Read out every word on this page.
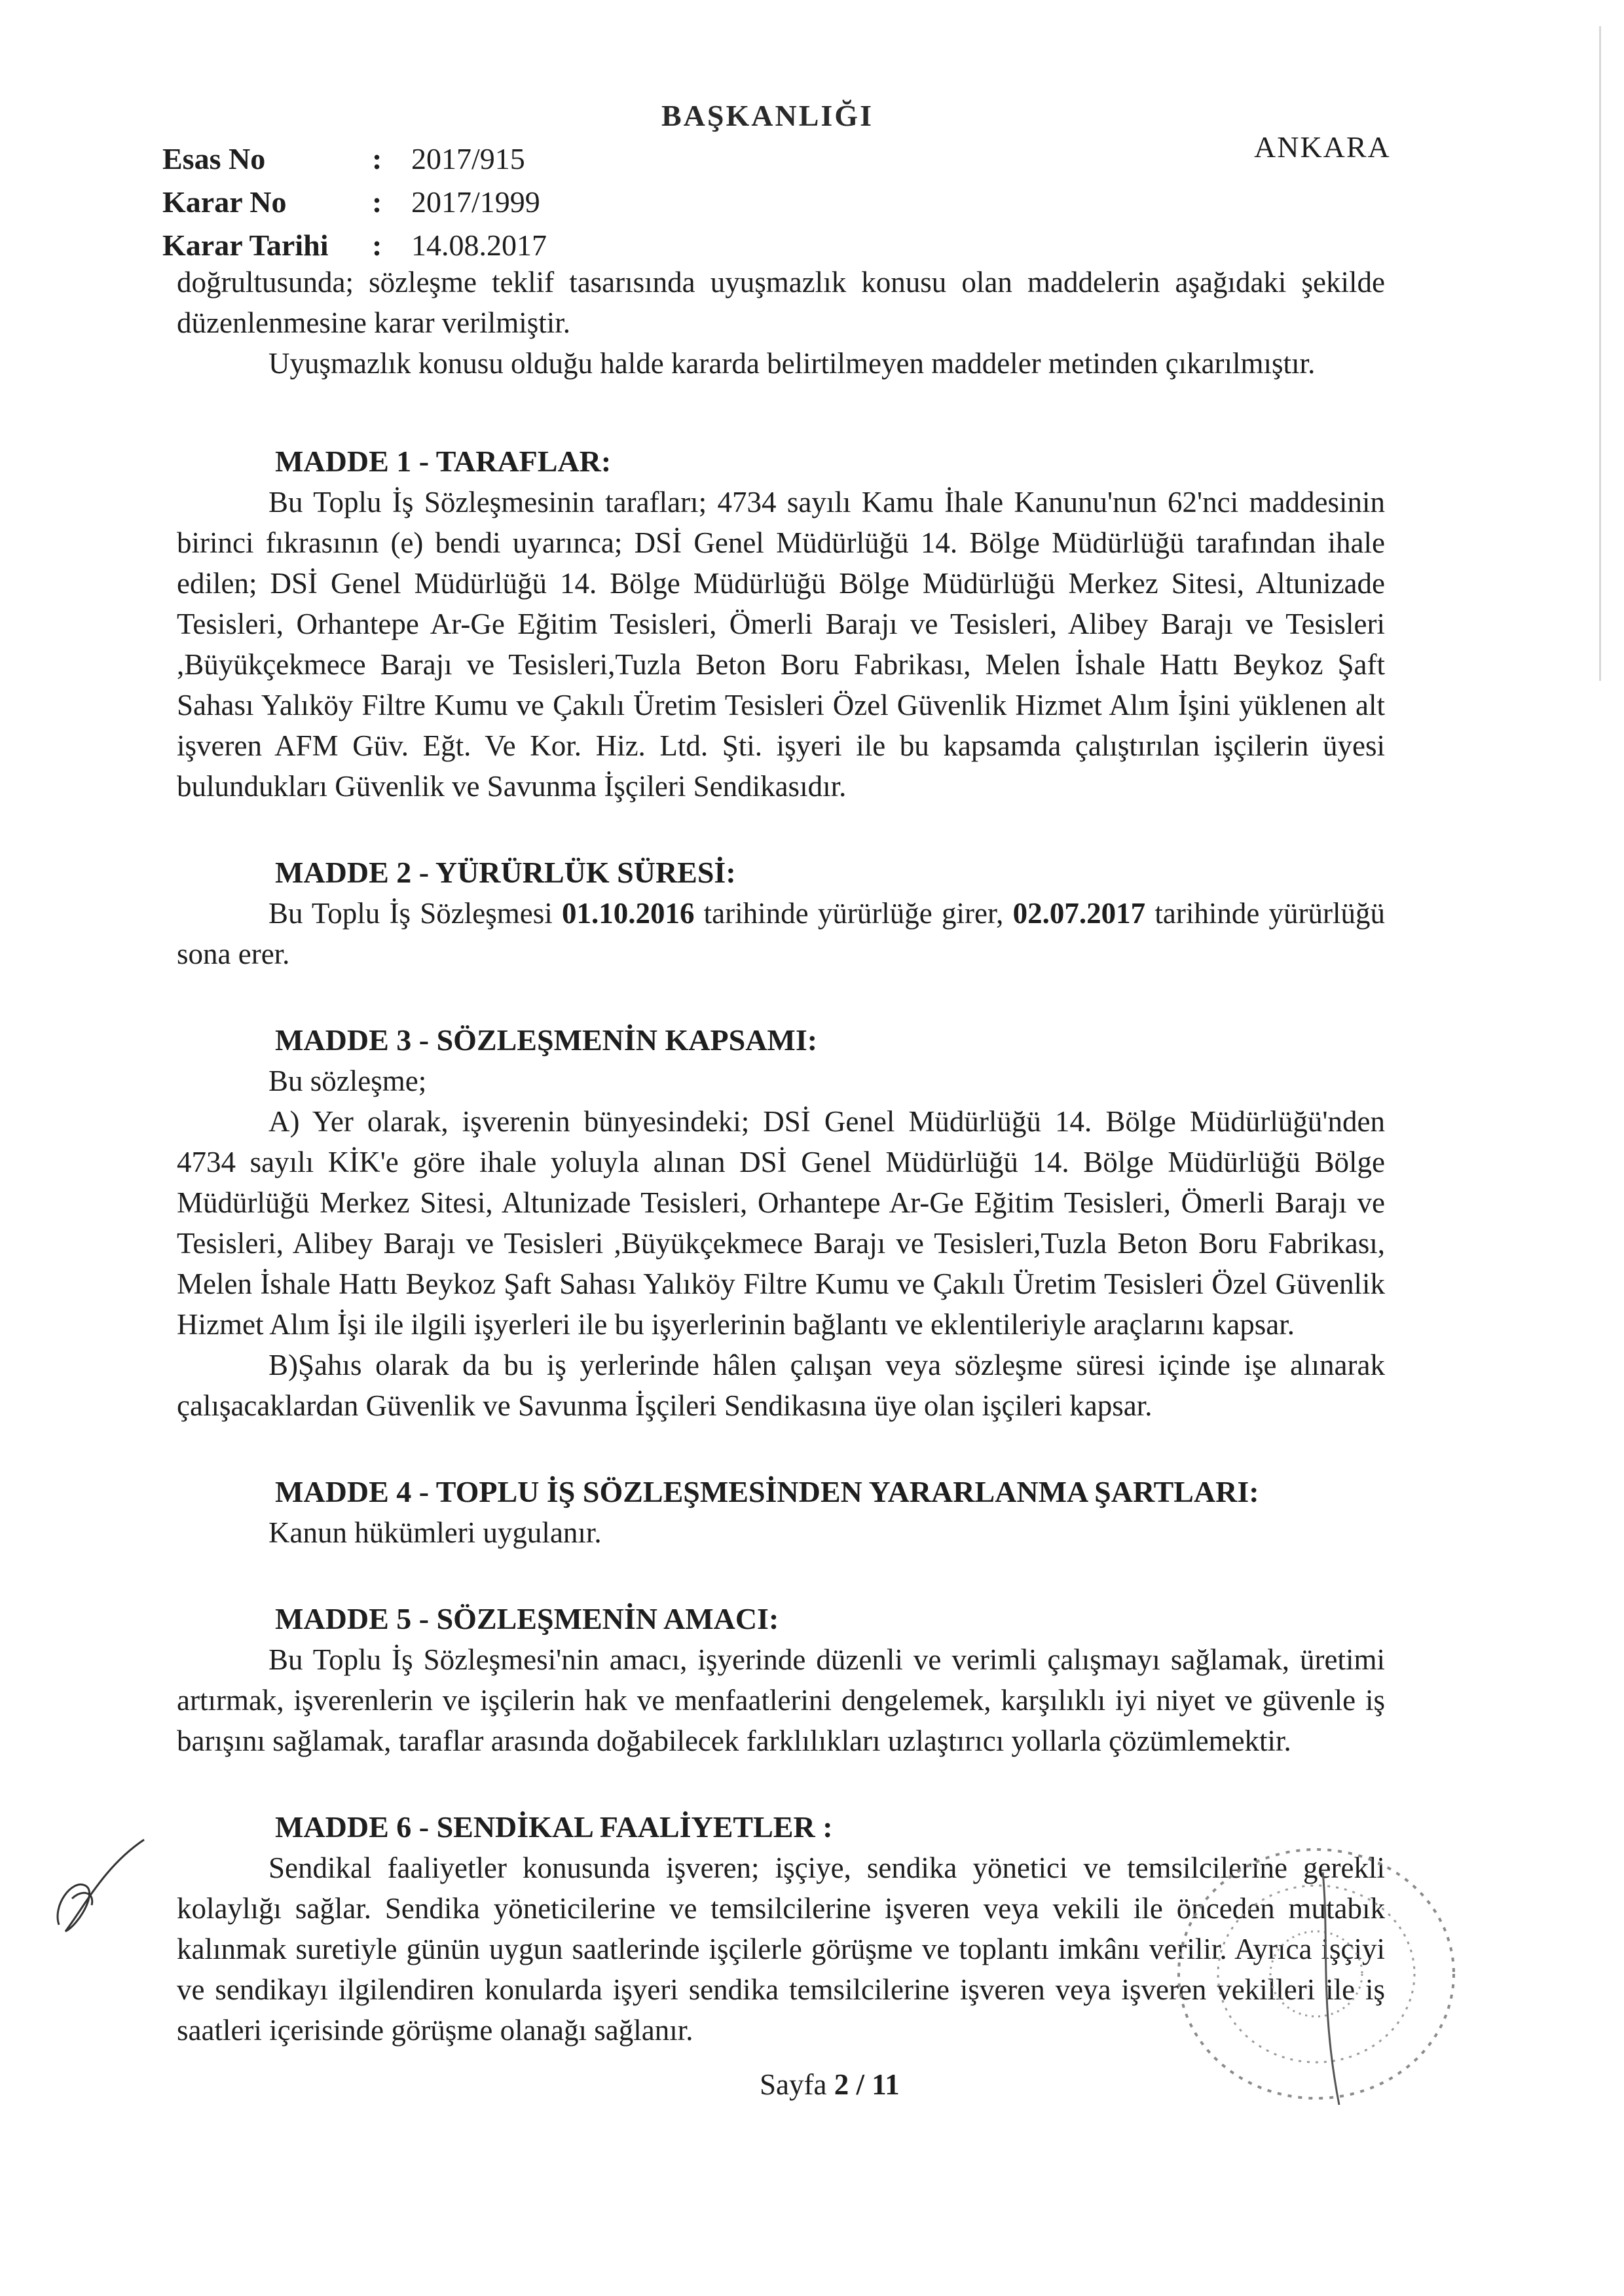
BAŞKANLIĞI
ANKARA
Esas No	: 2017/915
Karar No	: 2017/1999
Karar Tarihi	: 14.08.2017

doğrultusunda; sözleşme teklif tasarısında uyuşmazlık konusu olan maddelerin aşağıdaki şekilde düzenlenmesine karar verilmiştir.

Uyuşmazlık konusu olduğu halde kararda belirtilmeyen maddeler metinden çıkarılmıştır.

MADDE 1 - TARAFLAR:

Bu Toplu İş Sözleşmesinin tarafları; 4734 sayılı Kamu İhale Kanunu'nun 62'nci maddesinin birinci fıkrasının (e) bendi uyarınca; DSİ Genel Müdürlüğü 14. Bölge Müdürlüğü tarafından ihale edilen; DSİ Genel Müdürlüğü 14. Bölge Müdürlüğü Bölge Müdürlüğü Merkez Sitesi, Altunizade Tesisleri, Orhantepe Ar-Ge Eğitim Tesisleri, Ömerli Barajı ve Tesisleri, Alibey Barajı ve Tesisleri ,Büyükçekmece Barajı ve Tesisleri,Tuzla Beton Boru Fabrikası, Melen İshale Hattı Beykoz Şaft Sahası Yalıköy Filtre Kumu ve Çakılı Üretim Tesisleri Özel Güvenlik Hizmet Alım İşini yüklenen alt işveren AFM Güv. Eğt. Ve Kor. Hiz. Ltd. Şti. işyeri ile bu kapsamda çalıştırılan işçilerin üyesi bulundukları Güvenlik ve Savunma İşçileri Sendikasıdır.

MADDE 2 - YÜRÜRLÜK SÜRESİ:

Bu Toplu İş Sözleşmesi 01.10.2016 tarihinde yürürlüğe girer, 02.07.2017 tarihinde yürürlüğü sona erer.

MADDE 3 - SÖZLEŞMENİN KAPSAMI:

Bu sözleşme;

A) Yer olarak, işverenin bünyesindeki; DSİ Genel Müdürlüğü 14. Bölge Müdürlüğü'nden 4734 sayılı KİK'e göre ihale yoluyla alınan DSİ Genel Müdürlüğü 14. Bölge Müdürlüğü Bölge Müdürlüğü Merkez Sitesi, Altunizade Tesisleri, Orhantepe Ar-Ge Eğitim Tesisleri, Ömerli Barajı ve Tesisleri, Alibey Barajı ve Tesisleri ,Büyükçekmece Barajı ve Tesisleri,Tuzla Beton Boru Fabrikası, Melen İshale Hattı Beykoz Şaft Sahası Yalıköy Filtre Kumu ve Çakılı Üretim Tesisleri Özel Güvenlik Hizmet Alım İşi ile ilgili işyerleri ile bu işyerlerinin bağlantı ve eklentileriyle araçlarını kapsar.

B)Şahıs olarak da bu iş yerlerinde hâlen çalışan veya sözleşme süresi içinde işe alınarak çalışacaklardan Güvenlik ve Savunma İşçileri Sendikasına üye olan işçileri kapsar.

MADDE 4 - TOPLU İŞ SÖZLEŞMESİNDEN YARARLANMA ŞARTLARI:

Kanun hükümleri uygulanır.

MADDE 5 - SÖZLEŞMENİN AMACI:

Bu Toplu İş Sözleşmesi'nin amacı, işyerinde düzenli ve verimli çalışmayı sağlamak, üretimi artırmak, işverenlerin ve işçilerin hak ve menfaatlerini dengelemek, karşılıklı iyi niyet ve güvenle iş barışını sağlamak, taraflar arasında doğabilecek farklılıkları uzlaştırıcı yollarla çözümlemektir.

MADDE 6 - SENDİKAL FAALİYETLER :

Sendikal faaliyetler konusunda işveren; işçiye, sendika yönetici ve temsilcilerine gerekli kolaylığı sağlar. Sendika yöneticilerine ve temsilcilerine işveren veya vekili ile önceden mutabık kalınmak suretiyle günün uygun saatlerinde işçilerle görüşme ve toplantı imkânı verilir. Ayrıca işçiyi ve sendikayı ilgilendiren konularda işyeri sendika temsilcilerine işveren veya işveren vekilleri ile iş saatleri içerisinde görüşme olanağı sağlanır.

Sayfa 2 / 11
